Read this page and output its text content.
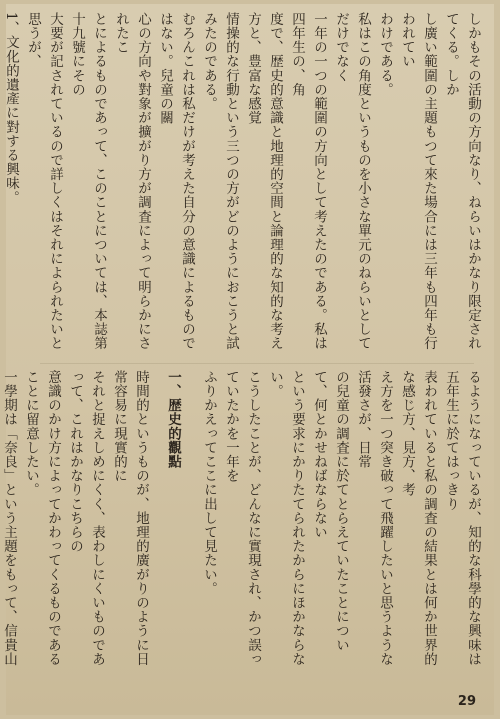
しかもその活動の方向なり、ねらいはかなり限定されてくる。しか

し廣い範圍の主題もつて來た場合には三年も四年も行われてい

わけである。

私はこの角度というものを小さな單元のねらいとしてだけでなく

一年の一つの範圍の方向として考えたのである。私は四年生の、角

度で、歴史的意識と地理的空間と論理的な知的な考え方と、豊富な感覚

情操的な行動という三つの方がどのようにおこうと試みたのである。

むろんこれは私だけが考えた自分の意識によるものではない。兒童の關

心の方向や對象が擴がり方が調査によって明らかにされたこ

とによるものであって、このことについては、本誌第十九號にその

大要が記されているので詳しくはそれによられたいと思うが、

1、文化的遺產に對する興味。

るようになっているが、知的な科學的な興味は五年生に於てはっきり

表われていると私の調査の結果とは何か世界的な感じ方、見方、考

え方を一つ突き破って飛躍したいと思うような活發さが、日常

の兒童の調査に於てとらえていたことについて、何とかせねばならない

という要求にかりたてられたからにほかならない。

こうしたことが、どんなに實現され、かつ誤っていたかを一年を

ふりかえってここに出して見たい。

一、歴史的觀點

時間的というものが、地理的廣がりのように日常容易に現實的に

それと捉えしめにくく、表わしにくいものであって、これはかなりこちらの

意識のかけ方によってかわってくるものであることに留意したい。

一學期は「奈良」という主題をもって、信貴山

29
